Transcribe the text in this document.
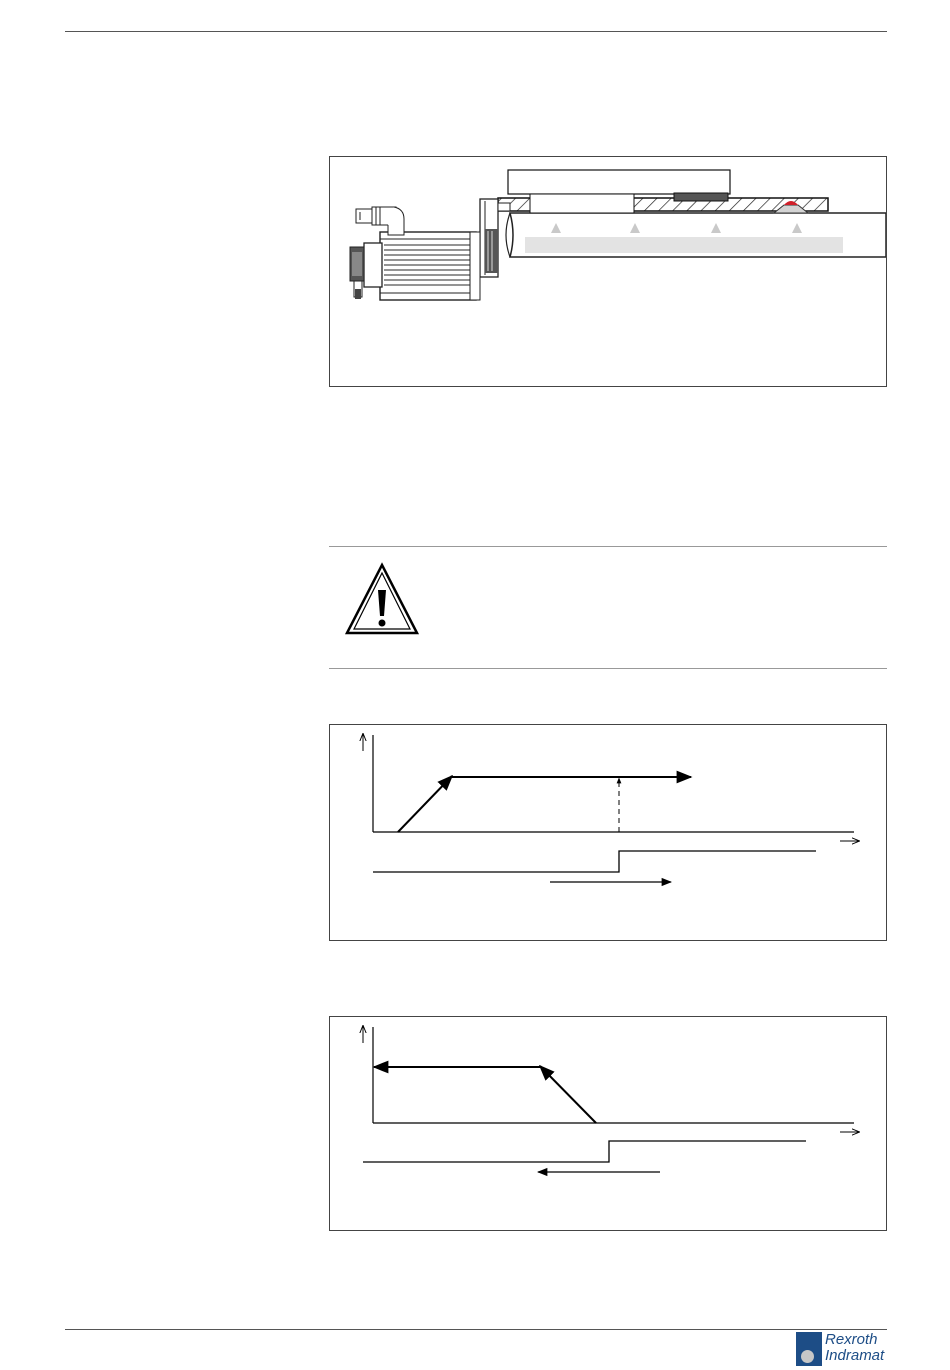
Rexroth
Indramat
